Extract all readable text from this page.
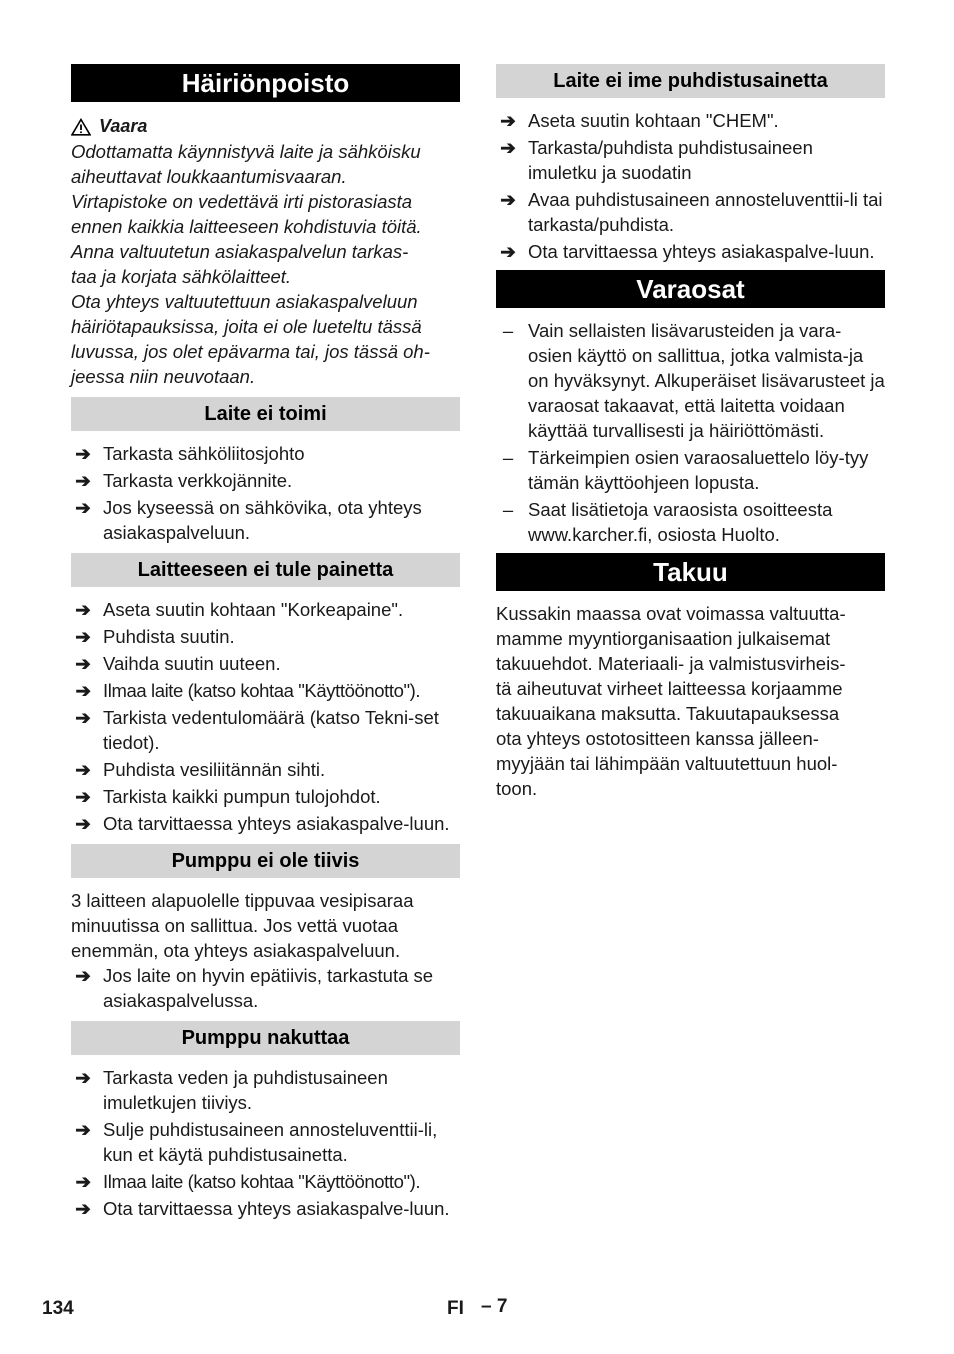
Häiriönpoisto
Vaara

Odottamatta käynnistyvä laite ja sähköisku
aiheuttavat loukkaantumisvaaran.
Virtapistoke on vedettävä irti pistorasiasta
ennen kaikkia laitteeseen kohdistuvia töitä.
Anna valtuutetun asiakaspalvelun tarkas-
taa ja korjata sähkölaitteet.
Ota yhteys valtuutettuun asiakaspalveluun
häiriötapauksissa, joita ei ole lueteltu tässä
luvussa, jos olet epävarma tai, jos tässä oh-
jeessa niin neuvotaan.

Laite ei toimi
➔ Tarkasta sähköliitosjohto
➔ Tarkasta verkkojännite.
➔ Jos kyseessä on sähkövika, ota yhteys asiakaspalveluun.
Laitteeseen ei tule painetta
➔ Aseta suutin kohtaan "Korkeapaine".
➔ Puhdista suutin.
➔ Vaihda suutin uuteen.
➔ Ilmaa laite (katso kohtaa "Käyttöönotto").
➔ Tarkista vedentulomäärä (katso Tekni-set tiedot).
➔ Puhdista vesiliitännän sihti.
➔ Tarkista kaikki pumpun tulojohdot.
➔ Ota tarvittaessa yhteys asiakaspalve-luun.
Pumppu ei ole tiivis

3 laitteen alapuolelle tippuvaa vesipisaraa
minuutissa on sallittua. Jos vettä vuotaa
enemmän, ota yhteys asiakaspalveluun.

➔ Jos laite on hyvin epätiivis, tarkastuta se asiakaspalvelussa.
Pumppu nakuttaa
➔ Tarkasta veden ja puhdistusaineen imuletkujen tiiviys.
➔ Sulje puhdistusaineen annosteluventtii-li, kun et käytä puhdistusainetta.
➔ Ilmaa laite (katso kohtaa "Käyttöönotto").
➔ Ota tarvittaessa yhteys asiakaspalve-luun.
Laite ei ime puhdistusainetta
➔ Aseta suutin kohtaan "CHEM".
➔ Tarkasta/puhdista puhdistusaineen imuletku ja suodatin
➔ Avaa puhdistusaineen annosteluventtii-li tai tarkasta/puhdista.
➔ Ota tarvittaessa yhteys asiakaspalve-luun.
Varaosat
– Vain sellaisten lisävarusteiden ja vara-osien käyttö on sallittua, jotka valmista-ja on hyväksynyt. Alkuperäiset lisävarusteet ja varaosat takaavat, että laitetta voidaan käyttää turvallisesti ja häiriöttömästi.
– Tärkeimpien osien varaosaluettelo löy-tyy tämän käyttöohjeen lopusta.
– Saat lisätietoja varaosista osoitteesta www.karcher.fi, osiosta Huolto.
Takuu

Kussakin maassa ovat voimassa valtuutta-
mamme myyntiorganisaation julkaisemat
takuuehdot. Materiaali- ja valmistusvirheis-
tä aiheutuvat virheet laitteessa korjaamme
takuuaikana maksutta. Takuutapauksessa
ota yhteys ostotositteen kanssa jälleen-
myyjään tai lähimpään valtuutettuun huol-
toon.

134	FI – 7
